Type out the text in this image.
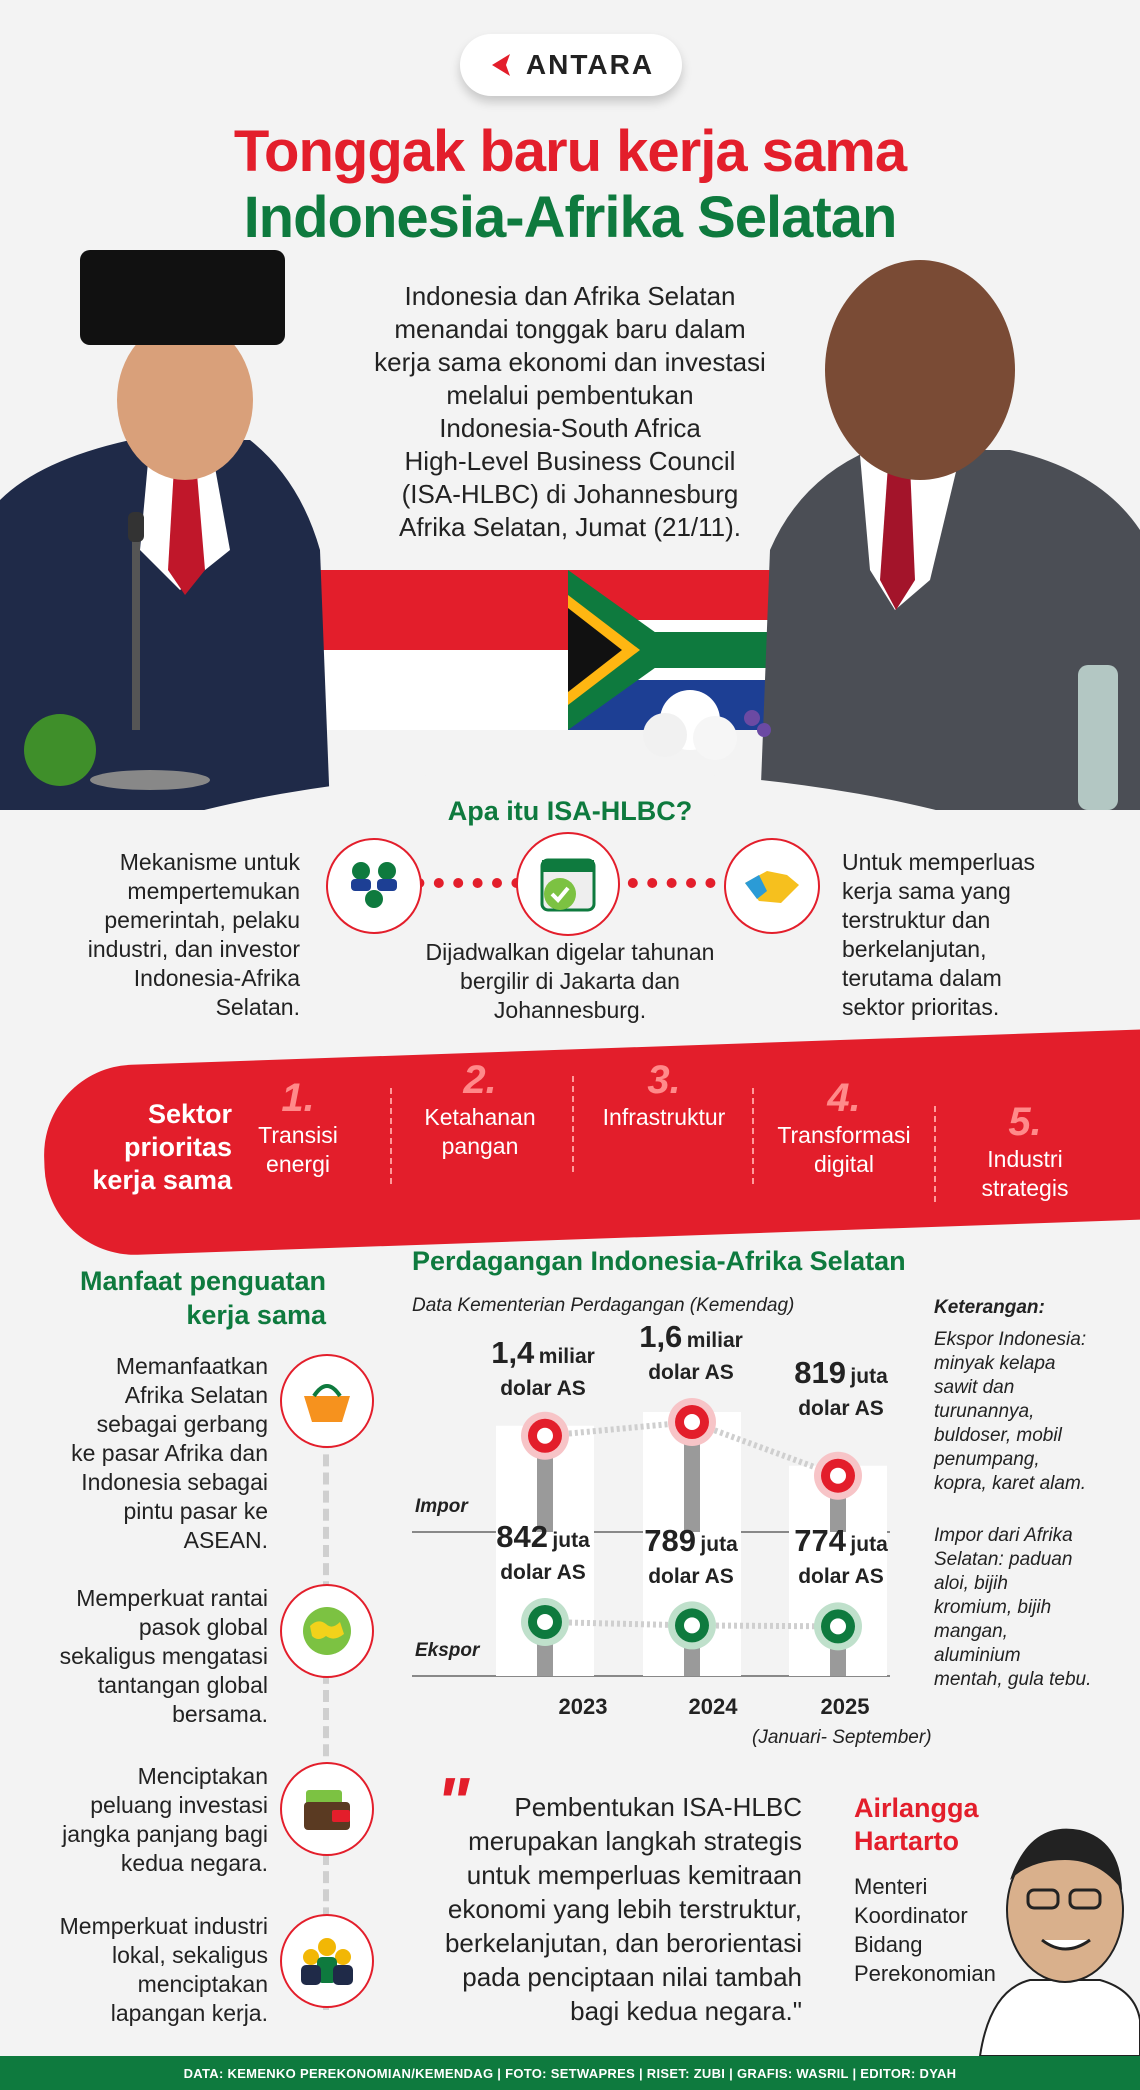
ANTARA
Tonggak baru kerja sama
Indonesia-Afrika Selatan
Indonesia dan Afrika Selatan
menandai tonggak baru dalam
kerja sama ekonomi dan investasi
melalui pembentukan
Indonesia-South Africa
High-Level Business Council
(ISA-HLBC) di Johannesburg
Afrika Selatan, Jumat (21/11).
Apa itu ISA-HLBC?
Mekanisme untuk
mempertemukan
pemerintah, pelaku
industri, dan investor
Indonesia-Afrika
Selatan.
Dijadwalkan digelar tahunan
bergilir di Jakarta dan
Johannesburg.
Untuk memperluas
kerja sama yang
terstruktur dan
berkelanjutan,
terutama dalam
sektor prioritas.
Sektor
prioritas
kerja sama
1.
Transisi
energi
2.
Ketahanan
pangan
3.
Infrastruktur	4.
Transformasi
digital
5.
Industri
strategis
Manfaat penguatan
kerja sama
Memanfaatkan
Afrika Selatan
sebagai gerbang
ke pasar Afrika dan
Indonesia sebagai
pintu pasar ke
ASEAN.
Memperkuat rantai
pasok global
sekaligus mengatasi
tantangan global
bersama.
Menciptakan
peluang investasi
jangka panjang bagi
kedua negara.
Memperkuat industri
lokal, sekaligus
menciptakan
lapangan kerja.
Perdagangan Indonesia-Afrika Selatan
Data Kementerian Perdagangan (Kemendag)
Impor
Ekspor
1,4 miliar
dolar AS
1,6 miliar
dolar AS	819 juta
dolar AS
842 juta
dolar AS
789 juta
dolar AS
774 juta
dolar AS
2023	2024	2025
(Januari- September)
Keterangan:
Ekspor Indonesia:
minyak kelapa
sawit dan
turunannya,
buldoser, mobil
penumpang,
kopra, karet alam.
Impor dari Afrika
Selatan: paduan
aloi, bijih
kromium, bijih
mangan,
aluminium
mentah, gula tebu.
"	Pembentukan ISA-HLBC
merupakan langkah strategis
untuk memperluas kemitraan
ekonomi yang lebih terstruktur,
berkelanjutan, dan berorientasi
pada penciptaan nilai tambah
bagi kedua negara."
Airlangga
Hartarto
Menteri
Koordinator
Bidang
Perekonomian
DATA: KEMENKO PEREKONOMIAN/KEMENDAG | FOTO: SETWAPRES | RISET: ZUBI | GRAFIS: WASRIL | EDITOR: DYAH
